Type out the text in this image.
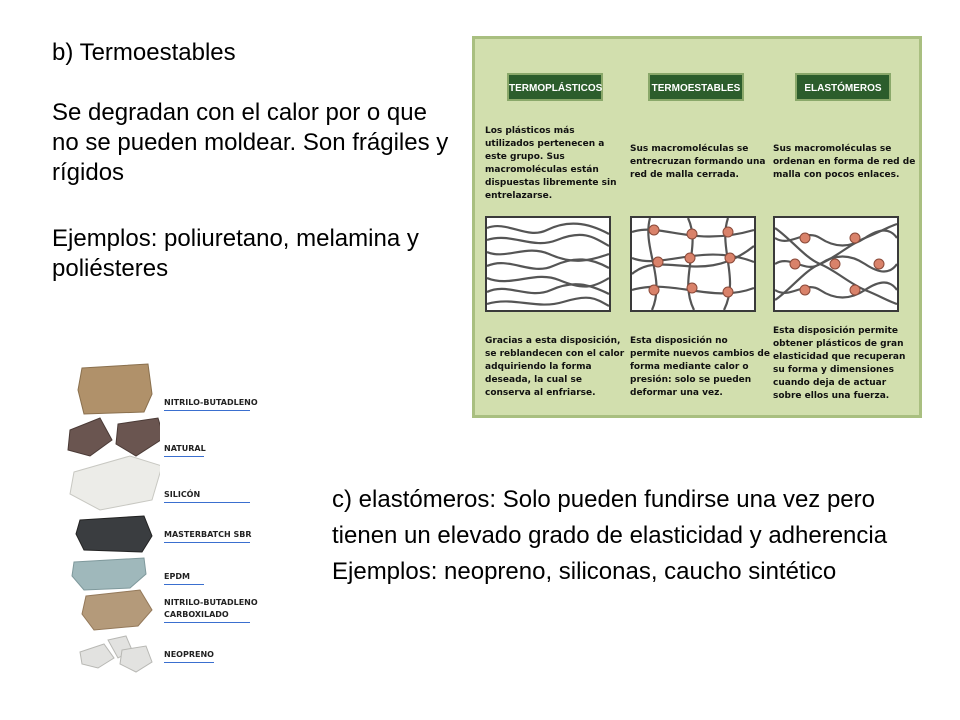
b) Termoestables

Se degradan con el calor por o que no se pueden moldear. Son frágiles y rígidos

Ejemplos: poliuretano, melamina y poliésteres

c) elastómeros: Solo pueden fundirse una vez pero tienen un elevado grado de elasticidad y adherencia Ejemplos: neopreno, siliconas, caucho sintético

TERMOPLÁSTICOS
Los plásticos más utilizados pertenecen a este grupo. Sus macromoléculas están dispuestas libremente sin entrelazarse.
Gracias a esta disposición, se reblandecen con el calor adquiriendo la forma deseada, la cual se conserva al enfriarse.
TERMOESTABLES
Sus macromoléculas se entrecruzan formando una red de malla cerrada.
Esta disposición no permite nuevos cambios de forma mediante calor o presión: solo se pueden deformar una vez.
ELASTÓMEROS
Sus macromoléculas se ordenan en forma de red de malla con pocos enlaces.
Esta disposición permite obtener plásticos de gran elasticidad que recuperan su forma y dimensiones cuando deja de actuar sobre ellos una fuerza.
NITRILO-BUTADLENO
NATURAL
SILICÓN
MASTERBATCH SBR
EPDM
NITRILO-BUTADLENO
CARBOXILADO
NEOPRENO
